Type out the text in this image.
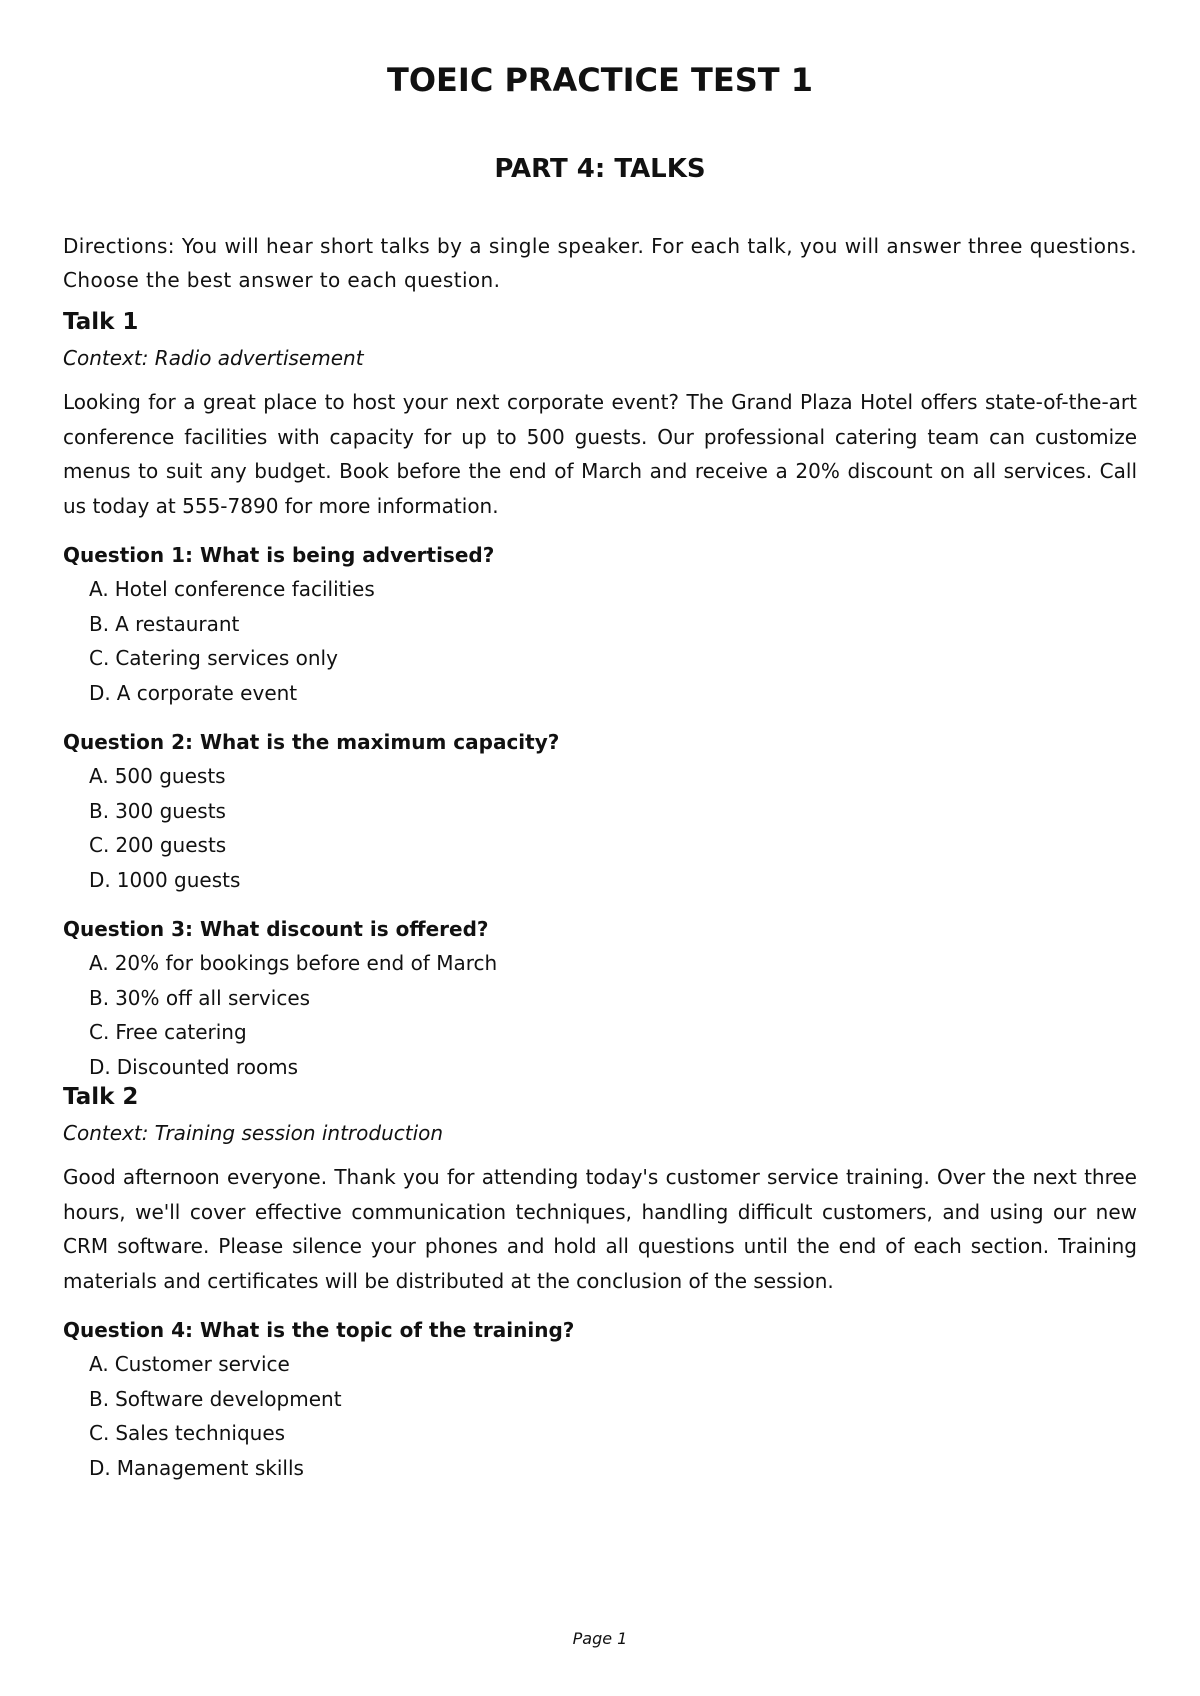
TOEIC PRACTICE TEST 1
PART 4: TALKS

Directions: You will hear short talks by a single speaker. For each talk, you will answer three questions. Choose the best answer to each question.

Talk 1

Context: Radio advertisement

Looking for a great place to host your next corporate event? The Grand Plaza Hotel offers state-of-the-art conference facilities with capacity for up to 500 guests. Our professional catering team can customize menus to suit any budget. Book before the end of March and receive a 20% discount on all services. Call us today at 555-7890 for more information.

Question 1: What is being advertised?

A. Hotel conference facilities
B. A restaurant
C. Catering services only
D. A corporate event

Question 2: What is the maximum capacity?

A. 500 guests
B. 300 guests
C. 200 guests
D. 1000 guests

Question 3: What discount is offered?

A. 20% for bookings before end of March
B. 30% off all services
C. Free catering
D. Discounted rooms
Talk 2

Context: Training session introduction

Good afternoon everyone. Thank you for attending today's customer service training. Over the next three hours, we'll cover effective communication techniques, handling difficult customers, and using our new CRM software. Please silence your phones and hold all questions until the end of each section. Training materials and certificates will be distributed at the conclusion of the session.

Question 4: What is the topic of the training?

A. Customer service
B. Software development
C. Sales techniques
D. Management skills
Page 1
